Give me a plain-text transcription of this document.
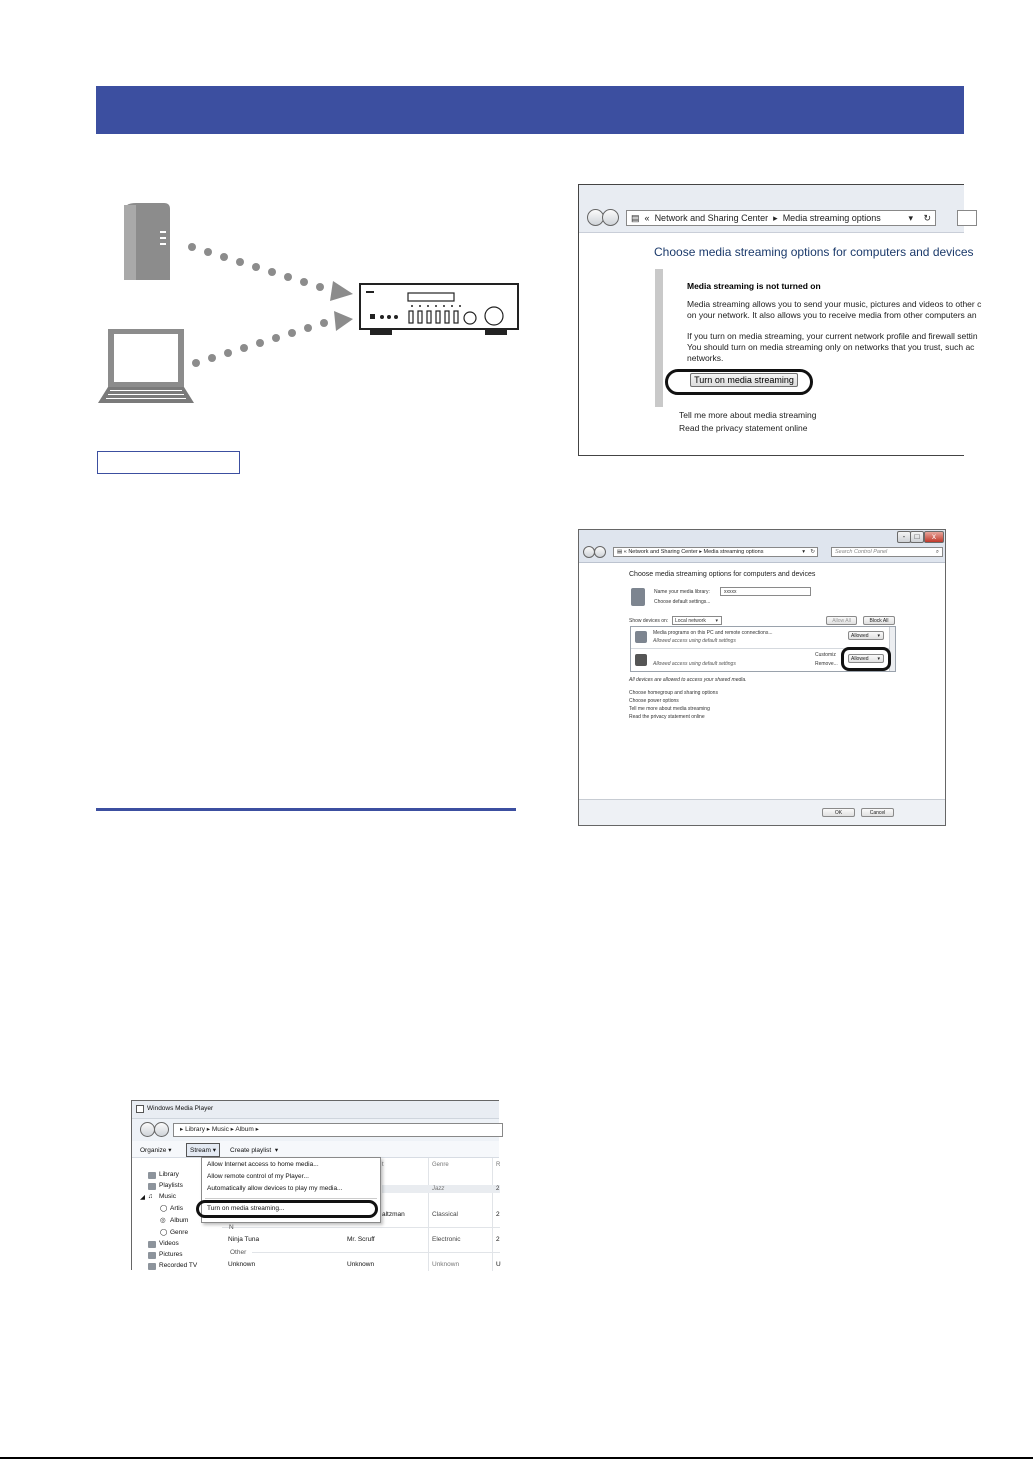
▤  «  Network and Sharing Center  ▸  Media streaming options	▾ ↻
Choose media streaming options for computers and devices
Media streaming is not turned on
Media streaming allows you to send your music, pictures and videos to other c
on your network. It also allows you to receive media from other computers an
If you turn on media streaming, your current network profile and firewall settin
You should turn on media streaming only on networks that you trust, such ac
networks.
Turn on media streaming
Tell me more about media streaming
Read the privacy statement online
-	□	x
▤ « Network and Sharing Center ▸ Media streaming options	▾ ↻	Search Control Panel	⌕
Choose media streaming options for computers and devices
Name your media library:	xxxxx
Choose default settings...
Show devices on: Local network ▾	Allow All	Block All
Media programs on this PC and remote connections...
Allowed access using default settings
Allowed ▾
Allowed access using default settings
Customiz
Remove...
Allowed ▾
All devices are allowed to access your shared media.
Choose homegroup and sharing options
Choose power options
Tell me more about media streaming
Read the privacy statement online
OK	Cancel
Windows Media Player
▸ Library ▸ Music ▸ Album ▸
Organize ▾	Stream ▾	Create playlist ▾
Library
Playlists
◢ ♫ Music
◯ Artis
◎ Album
◯ Genre
Videos
Pictures
Recorded TV
t	Genre	R
Jazz	2
altzman	Classical	2
N
Ninja Tuna	Mr. Scruff	Electronic	2
Other
Unknown	Unknown	Unknown	U
Allow Internet access to home media...
Allow remote control of my Player...
Automatically allow devices to play my media...
Turn on media streaming...
